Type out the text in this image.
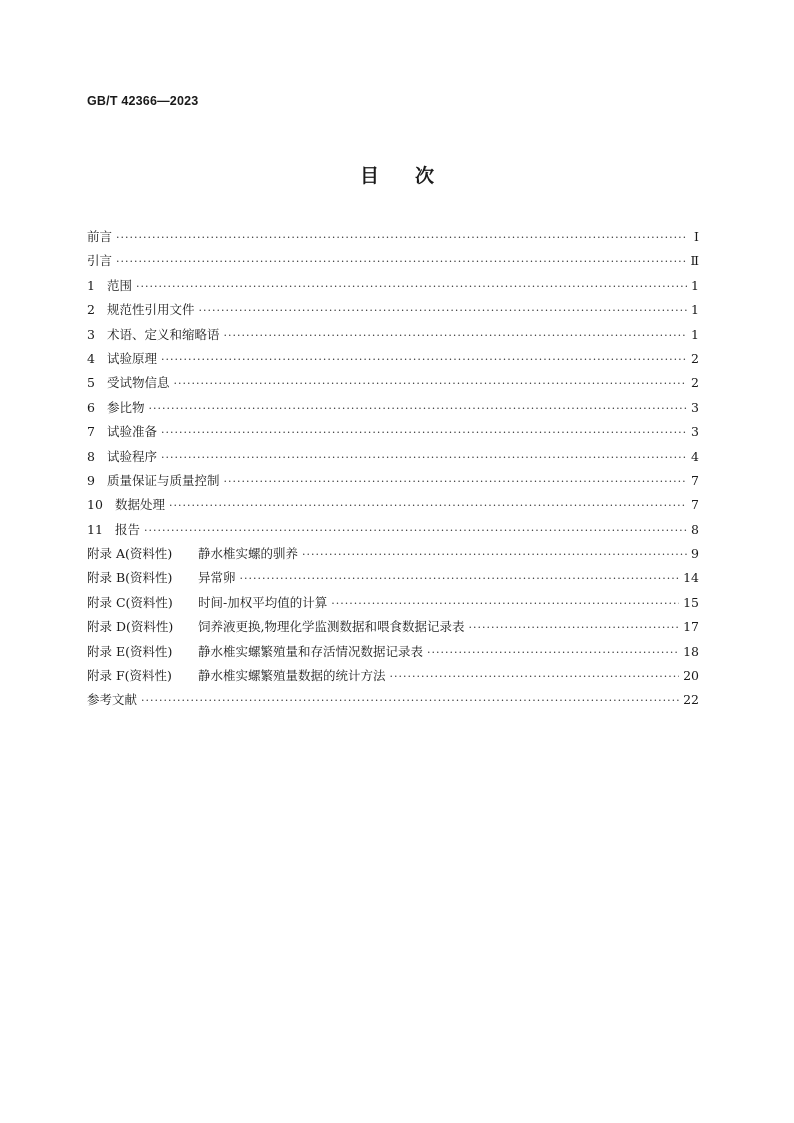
GB/T 42366—2023
目次
前言 ·····	Ⅰ
引言 ·····	Ⅱ
1 范围 ·····	1
2 规范性引用文件 ·····	1
3 术语、定义和缩略语 ·····	1
4 试验原理 ·····	2
5 受试物信息 ·····	2
6 参比物 ·····	3
7 试验准备 ·····	3
8 试验程序 ·····	4
9 质量保证与质量控制 ·····	7
10 数据处理 ·····	7
11 报告 ·····	8
附录 A(资料性)	静水椎实螺的驯养 ·····	9
附录 B(资料性)	异常卵 ·····	14
附录 C(资料性)	时间-加权平均值的计算 ·····	15
附录 D(资料性)	饲养液更换,物理化学监测数据和喂食数据记录表 ·····	17
附录 E(资料性)	静水椎实螺繁殖量和存活情况数据记录表 ·····	18
附录 F(资料性)	静水椎实螺繁殖量数据的统计方法 ·····	20
参考文献 ·····	22
